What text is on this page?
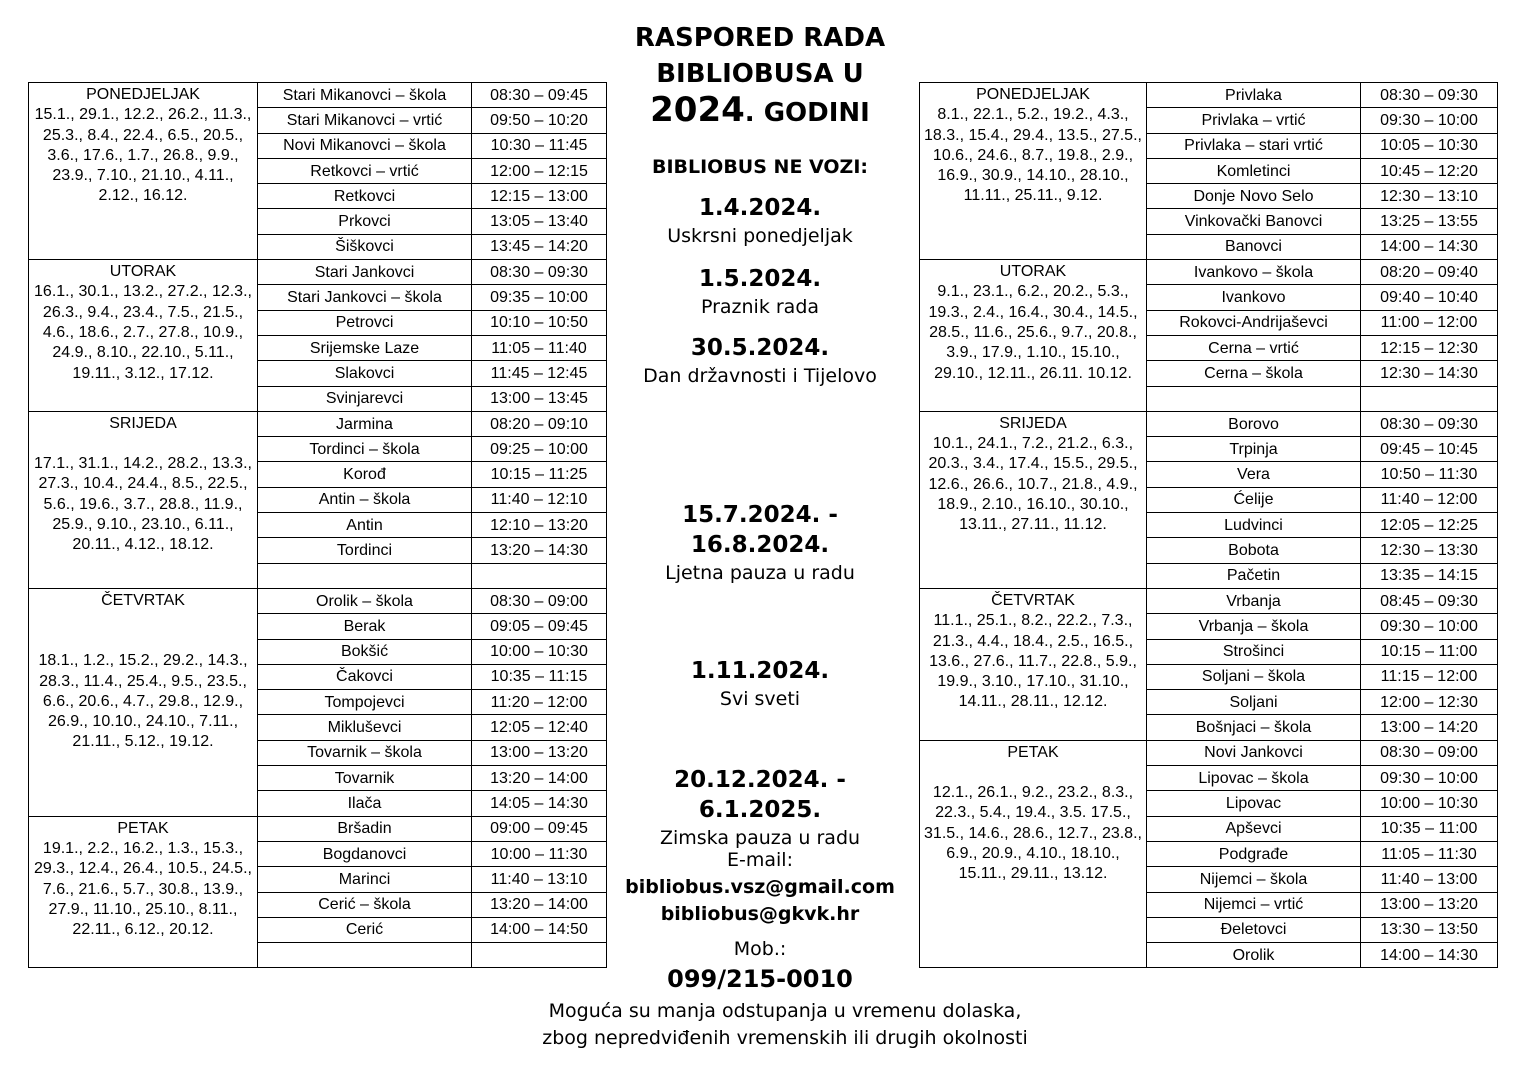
PONEDJELJAK
15.1., 29.1., 12.2., 26.2., 11.3., 25.3., 8.4., 22.4., 6.5., 20.5., 3.6., 17.6., 1.7., 26.8., 9.9., 23.9., 7.10., 21.10., 4.11., 2.12., 16.12.	Stari Mikanovci – škola	08:30 – 09:45
	Stari Mikanovci – vrtić	09:50 – 10:20
	Novi Mikanovci – škola	10:30 – 11:45
	Retkovci – vrtić	12:00 – 12:15
	Retkovci	12:15 – 13:00
	Prkovci	13:05 – 13:40
	Šiškovci	13:45 – 14:20

UTORAK
16.1., 30.1., 13.2., 27.2., 12.3., 26.3., 9.4., 23.4., 7.5., 21.5., 4.6., 18.6., 2.7., 27.8., 10.9., 24.9., 8.10., 22.10., 5.11., 19.11., 3.12., 17.12.	Stari Jankovci	08:30 – 09:30
	Stari Jankovci – škola	09:35 – 10:00
	Petrovci	10:10 – 10:50
	Srijemske Laze	11:05 – 11:40
	Slakovci	11:45 – 12:45
	Svinjarevci	13:00 – 13:45

SRIJEDA
17.1., 31.1., 14.2., 28.2., 13.3., 27.3., 10.4., 24.4., 8.5., 22.5., 5.6., 19.6., 3.7., 28.8., 11.9., 25.9., 9.10., 23.10., 6.11., 20.11., 4.12., 18.12.	Jarmina	08:20 – 09:10
	Tordinci – škola	09:25 – 10:00
	Korođ	10:15 – 11:25
	Antin – škola	11:40 – 12:10
	Antin	12:10 – 13:20
	Tordinci	13:20 – 14:30

ČETVRTAK
18.1., 1.2., 15.2., 29.2., 14.3., 28.3., 11.4., 25.4., 9.5., 23.5., 6.6., 20.6., 4.7., 29.8., 12.9., 26.9., 10.10., 24.10., 7.11., 21.11., 5.12., 19.12.	Orolik – škola	08:30 – 09:00
	Berak	09:05 – 09:45
	Bokšić	10:00 – 10:30
	Čakovci	10:35 – 11:15
	Tompojevci	11:20 – 12:00
	Mikluševci	12:05 – 12:40
	Tovarnik – škola	13:00 – 13:20
	Tovarnik	13:20 – 14:00
	Ilača	14:05 – 14:30

PETAK
19.1., 2.2., 16.2., 1.3., 15.3., 29.3., 12.4., 26.4., 10.5., 24.5., 7.6., 21.6., 5.7., 30.8., 13.9., 27.9., 11.10., 25.10., 8.11., 22.11., 6.12., 20.12.	Bršadin	09:00 – 09:45
	Bogdanovci	10:00 – 11:30
	Marinci	11:40 – 13:10
	Cerić – škola	13:20 – 14:00
	Cerić	14:00 – 14:50

RASPORED RADA
BIBLIOBUSA U
2024. GODINI
BIBLIOBUS NE VOZI:
1.4.2024.
Uskrsni ponedjeljak
1.5.2024.
Praznik rada
30.5.2024.
Dan državnosti i Tijelovo
15.7.2024. - 16.8.2024.
Ljetna pauza u radu
1.11.2024.
Svi sveti
20.12.2024. - 6.1.2025.
Zimska pauza u radu
E-mail:
bibliobus.vsz@gmail.com
bibliobus@gkvk.hr
Mob.:
099/215-0010
PONEDJELJAK
8.1., 22.1., 5.2., 19.2., 4.3., 18.3., 15.4., 29.4., 13.5., 27.5., 10.6., 24.6., 8.7., 19.8., 2.9., 16.9., 30.9., 14.10., 28.10., 11.11., 25.11., 9.12.	Privlaka	08:30 – 09:30
	Privlaka – vrtić	09:30 – 10:00
	Privlaka – stari vrtić	10:05 – 10:30
	Komletinci	10:45 – 12:20
	Donje Novo Selo	12:30 – 13:10
	Vinkovački Banovci	13:25 – 13:55
	Banovci	14:00 – 14:30

UTORAK
9.1., 23.1., 6.2., 20.2., 5.3., 19.3., 2.4., 16.4., 30.4., 14.5., 28.5., 11.6., 25.6., 9.7., 20.8., 3.9., 17.9., 1.10., 15.10., 29.10., 12.11., 26.11. 10.12.	Ivankovo – škola	08:20 – 09:40
	Ivankovo	09:40 – 10:40
	Rokovci-Andrijaševci	11:00 – 12:00
	Cerna – vrtić	12:15 – 12:30
	Cerna – škola	12:30 – 14:30

SRIJEDA
10.1., 24.1., 7.2., 21.2., 6.3., 20.3., 3.4., 17.4., 15.5., 29.5., 12.6., 26.6., 10.7., 21.8., 4.9., 18.9., 2.10., 16.10., 30.10., 13.11., 27.11., 11.12.	Borovo	08:30 – 09:30
	Trpinja	09:45 – 10:45
	Vera	10:50 – 11:30
	Ćelije	11:40 – 12:00
	Ludvinci	12:05 – 12:25
	Bobota	12:30 – 13:30
	Pačetin	13:35 – 14:15

ČETVRTAK
11.1., 25.1., 8.2., 22.2., 7.3., 21.3., 4.4., 18.4., 2.5., 16.5., 13.6., 27.6., 11.7., 22.8., 5.9., 19.9., 3.10., 17.10., 31.10., 14.11., 28.11., 12.12.	Vrbanja	08:45 – 09:30
	Vrbanja – škola	09:30 – 10:00
	Strošinci	10:15 – 11:00
	Soljani – škola	11:15 – 12:00
	Soljani	12:00 – 12:30
	Bošnjaci – škola	13:00 – 14:20

PETAK
12.1., 26.1., 9.2., 23.2., 8.3., 22.3., 5.4., 19.4., 3.5. 17.5., 31.5., 14.6., 28.6., 12.7., 23.8., 6.9., 20.9., 4.10., 18.10., 15.11., 29.11., 13.12.	Novi Jankovci	08:30 – 09:00
	Lipovac – škola	09:30 – 10:00
	Lipovac	10:00 – 10:30
	Apševci	10:35 – 11:00
	Podgrađe	11:05 – 11:30
	Nijemci – škola	11:40 – 13:00
	Nijemci – vrtić	13:00 – 13:20
	Đeletovci	13:30 – 13:50
	Orolik	14:00 – 14:30
Moguća su manja odstupanja u vremenu dolaska,
zbog nepredviđenih vremenskih ili drugih okolnosti
